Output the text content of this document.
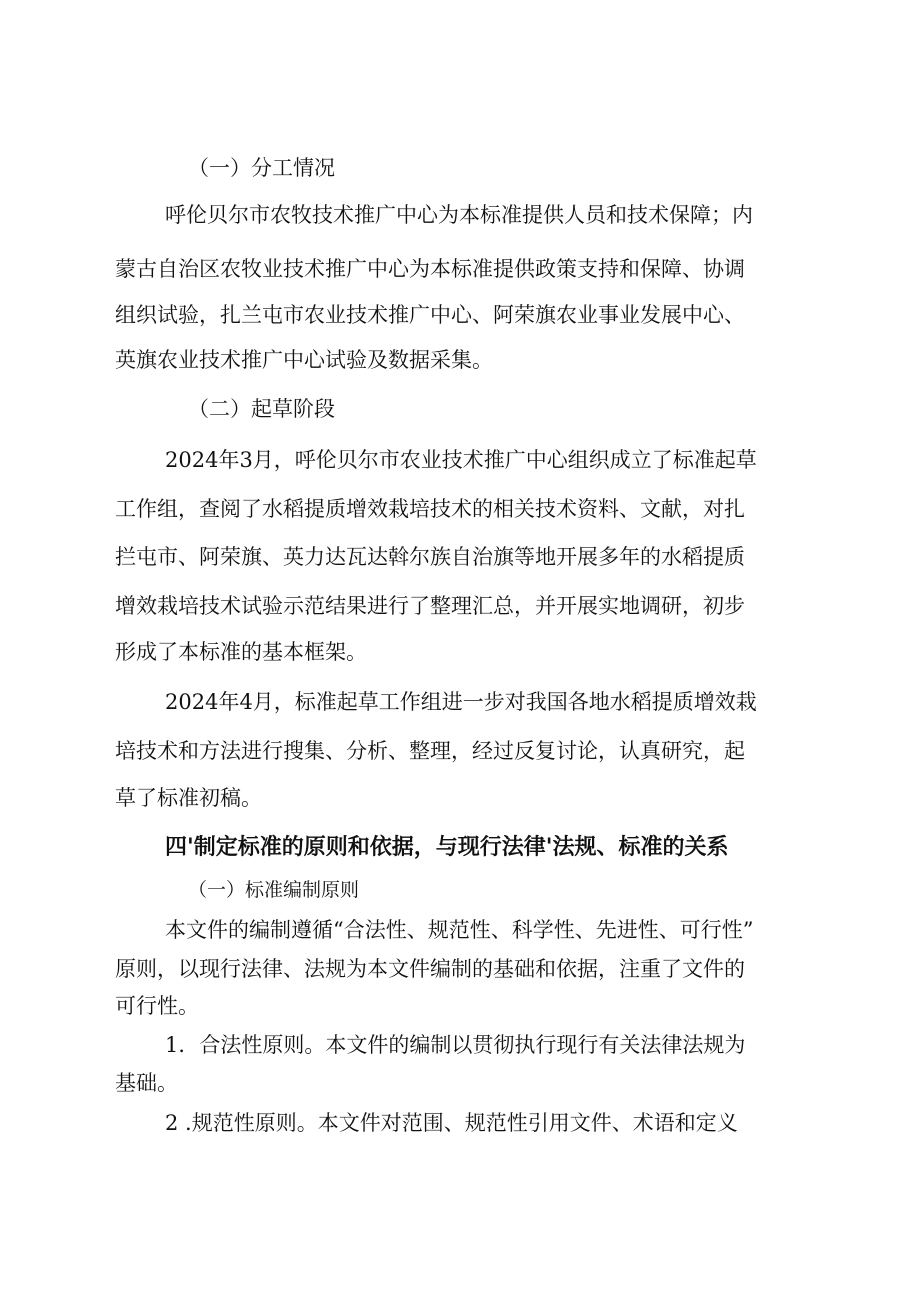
（一）分工情况
呼伦贝尔市农牧技术推广中心为本标准提供人员和技术保障；内
蒙古自治区农牧业技术推广中心为本标准提供政策支持和保障、协调
组织试验，扎兰屯市农业技术推广中心、阿荣旗农业事业发展中心、
英旗农业技术推广中心试验及数据采集。
（二）起草阶段
2024年3月，呼伦贝尔市农业技术推广中心组织成立了标准起草
工作组，查阅了水稻提质增效栽培技术的相关技术资料、文献，对扎
拦屯市、阿荣旗、英力达瓦达斡尔族自治旗等地开展多年的水稻提质
增效栽培技术试验示范结果进行了整理汇总，并开展实地调研，初步
形成了本标准的基本框架。
2024年4月，标准起草工作组进一步对我国各地水稻提质增效栽
培技术和方法进行搜集、分析、整理，经过反复讨论，认真研究，起
草了标准初稿。
四'制定标准的原则和依据，与现行法律'法规、标准的关系
（一）标准编制原则
本文件的编制遵循“合法性、规范性、科学性、先进性、可行性”
原则，以现行法律、法规为本文件编制的基础和依据，注重了文件的
可行性。
1．合法性原则。本文件的编制以贯彻执行现行有关法律法规为
基础。
2 .规范性原则。本文件对范围、规范性引用文件、术语和定义
